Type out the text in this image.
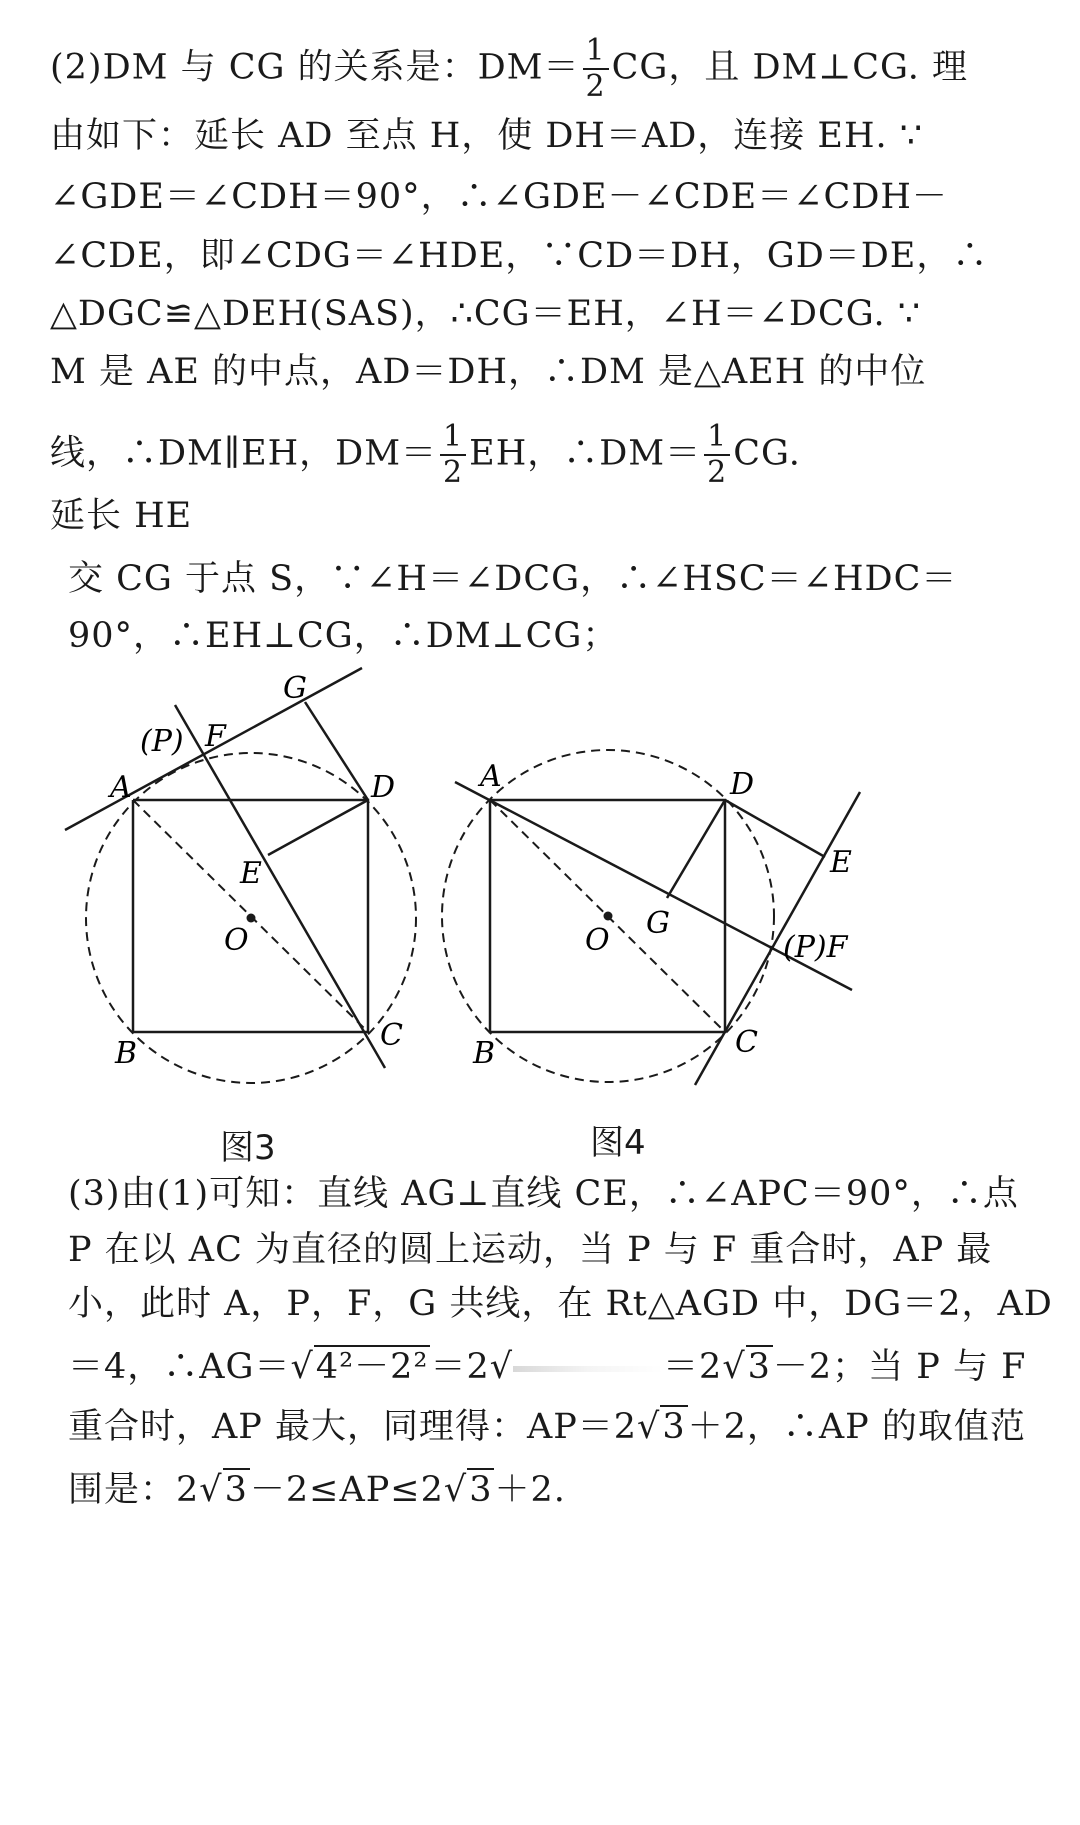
(2)DM 与 CG 的关系是：$DM= \frac{1}{2}$ CG，且 DM⊥CG. 理
由如下：延长 AD 至点 H，使 DH＝AD，连接 EH. ∵
∠GDE＝∠CDH＝90°，∴∠GDE－∠CDE＝∠CDH－
∠CDE，即∠CDG＝∠HDE，∵CD＝DH，GD＝DE，∴
△DGC≌△DEH(SAS)，∴CG＝EH，∠H＝∠DCG. ∵
M 是 AE 的中点，AD＝DH，∴DM 是△AEH 的中位
线，∴DM∥EH，$DM= \frac{1}{2}$ EH，∴DM＝ $\frac{1}{2}$ CG.
延长 HE
交 CG 于点 S，∵∠H＝∠DCG，∴∠HSC＝∠HDC＝
90°，∴EH⊥CG，∴DM⊥CG；
G
(P) F
A	D
E
O
B
C
A	D
E
G
O	(P)F
B	C
图3	图4
(3)由(1)可知：直线 AG⊥直线 CE，∴∠APC＝90°，∴点
P 在以 AC 为直径的圆上运动，当 P 与 F 重合时，AP 最
小，此时 A，P，F，G 共线，在 Rt△AGD 中，DG＝2，AD
＝4，∴AG＝√4²－2²＝2√	＝2√3－2；当 P 与 F
重合时，AP 最大，同理得：AP＝2√3＋2，∴AP 的取值范
围是：2√3－2≤AP≤2√3＋2.
